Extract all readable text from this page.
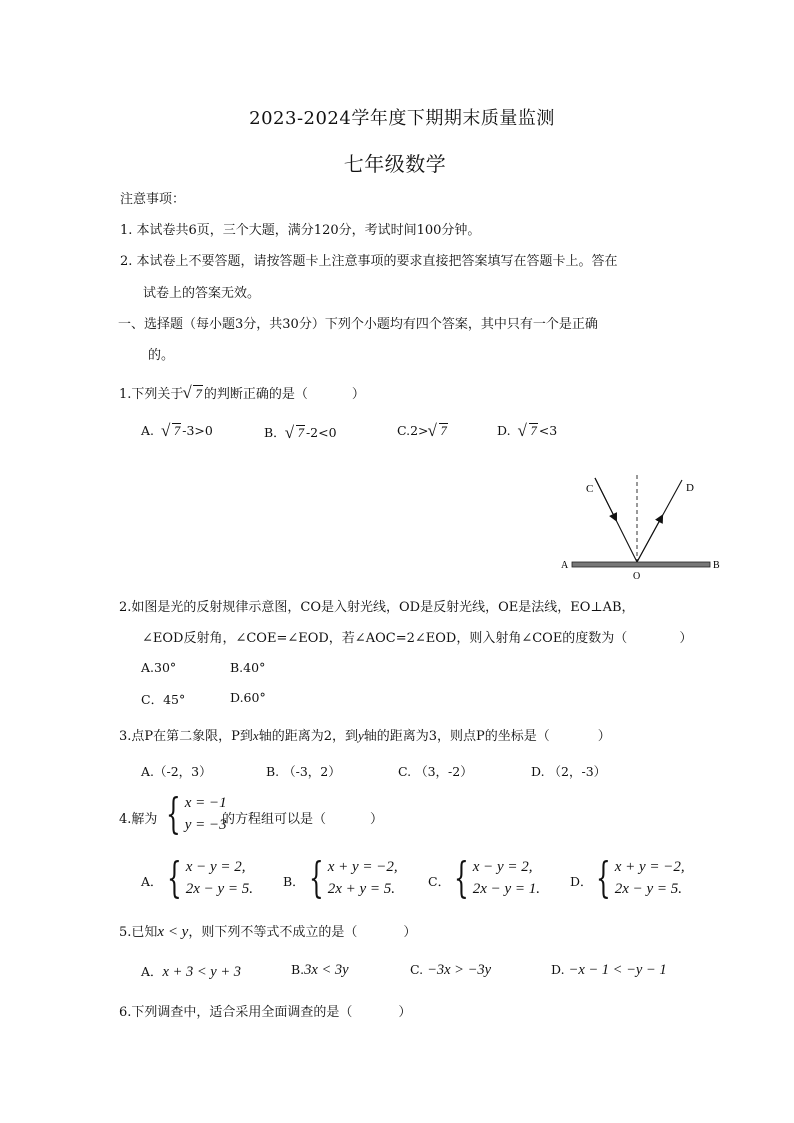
2023-2024学年度下期期末质量监测
七年级数学
注意事项：
1. 本试卷共6页，三个大题，满分120分，考试时间100分钟。
2. 本试卷上不要答题，请按答题卡上注意事项的要求直接把答案填写在答题卡上。答在
试卷上的答案无效。
一、选择题（每小题3分，共30分）下列个小题均有四个答案，其中只有一个是正确
的。
1.下列关于 √ 7 的判断正确的是（	）
A. √ 7 -3>0	B． √ 7 -2<0	C.2> √ 7	D. √ 7 <3
A	B
C	D
O
2.如图是光的反射规律示意图，CO是入射光线，OD是反射光线，OE是法线，EO⊥AB，
∠EOD反射角，∠COE=∠EOD，若∠AOC=2∠EOD，则入射角∠COE的度数为（	）
A.30°	B.40°
C．45°	D.60°
3.点P在第二象限，P到x轴的距离为2，到y轴的距离为3，则点P的坐标是（	）
A.（-2，3）	B. （-3，2）	C. （3，-2）	D. （2，-3）
4.解为 { x = −1
y = −3
的方程组可以是（	）
A． { x − y = 2,
2x − y = 5. B． { x + y = −2,
2x + y = 5.	C． { x − y = 2,
2x − y = 1. D． { x + y = −2,
2x − y = 5.
5.已知x < y，则下列不等式不成立的是（	）
A．x + 3 < y + 3	B.3x < 3y	C. −3x > −3y	D. −x − 1 < −y − 1
6.下列调查中，适合采用全面调查的是（	）
